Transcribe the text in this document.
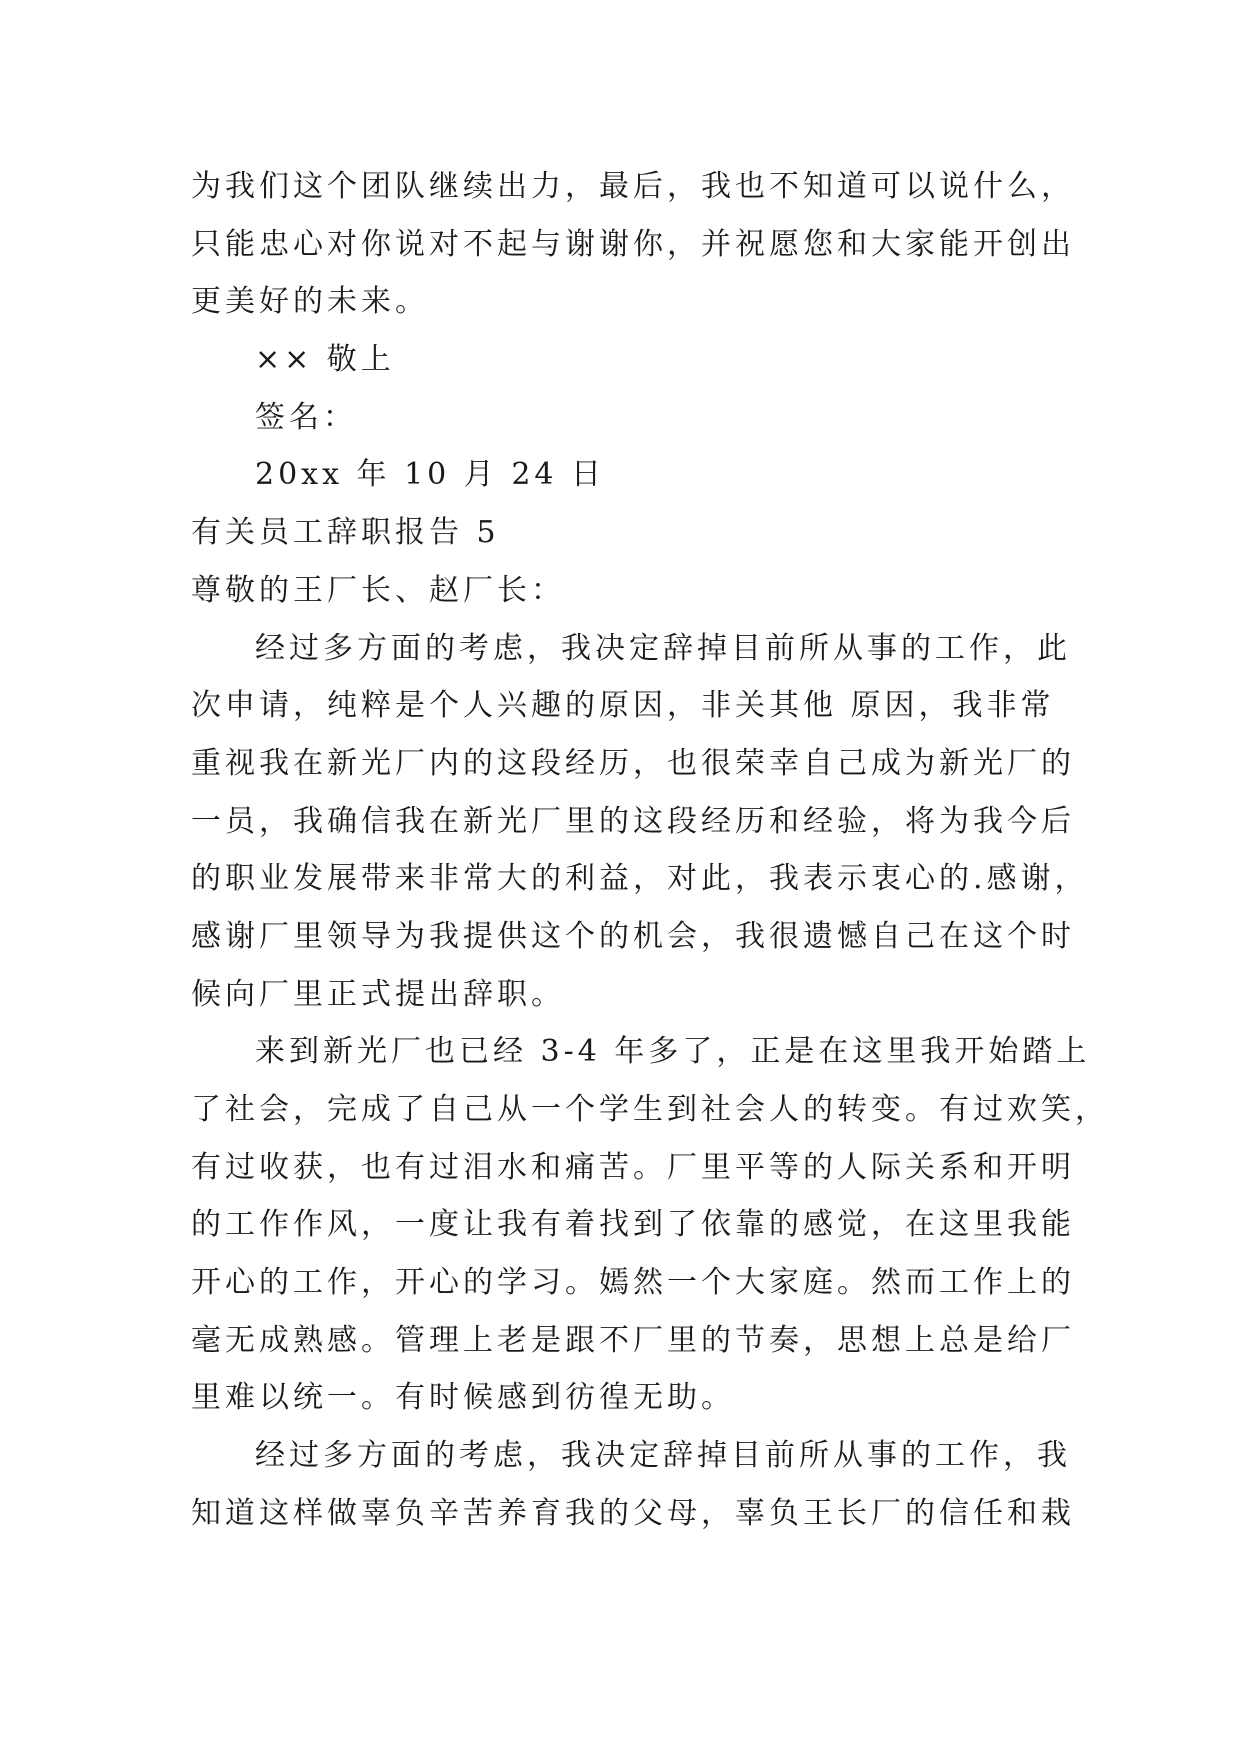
为我们这个团队继续出力，最后，我也不知道可以说什么，

只能忠心对你说对不起与谢谢你，并祝愿您和大家能开创出

更美好的未来。

×× 敬上

签名：

20xx 年 10 月 24 日

有关员工辞职报告 5

尊敬的王厂长、赵厂长：

经过多方面的考虑，我决定辞掉目前所从事的工作，此

次申请，纯粹是个人兴趣的原因，非关其他 原因，我非常

重视我在新光厂内的这段经历，也很荣幸自己成为新光厂的

一员，我确信我在新光厂里的这段经历和经验，将为我今后

的职业发展带来非常大的利益，对此，我表示衷心的.感谢，

感谢厂里领导为我提供这个的机会，我很遗憾自己在这个时

候向厂里正式提出辞职。

来到新光厂也已经 3-4 年多了，正是在这里我开始踏上

了社会，完成了自己从一个学生到社会人的转变。有过欢笑，

有过收获，也有过泪水和痛苦。厂里平等的人际关系和开明

的工作作风，一度让我有着找到了依靠的感觉，在这里我能

开心的工作，开心的学习。嫣然一个大家庭。然而工作上的

毫无成熟感。管理上老是跟不厂里的节奏，思想上总是给厂

里难以统一。有时候感到彷徨无助。

经过多方面的考虑，我决定辞掉目前所从事的工作，我

知道这样做辜负辛苦养育我的父母，辜负王长厂的信任和栽
